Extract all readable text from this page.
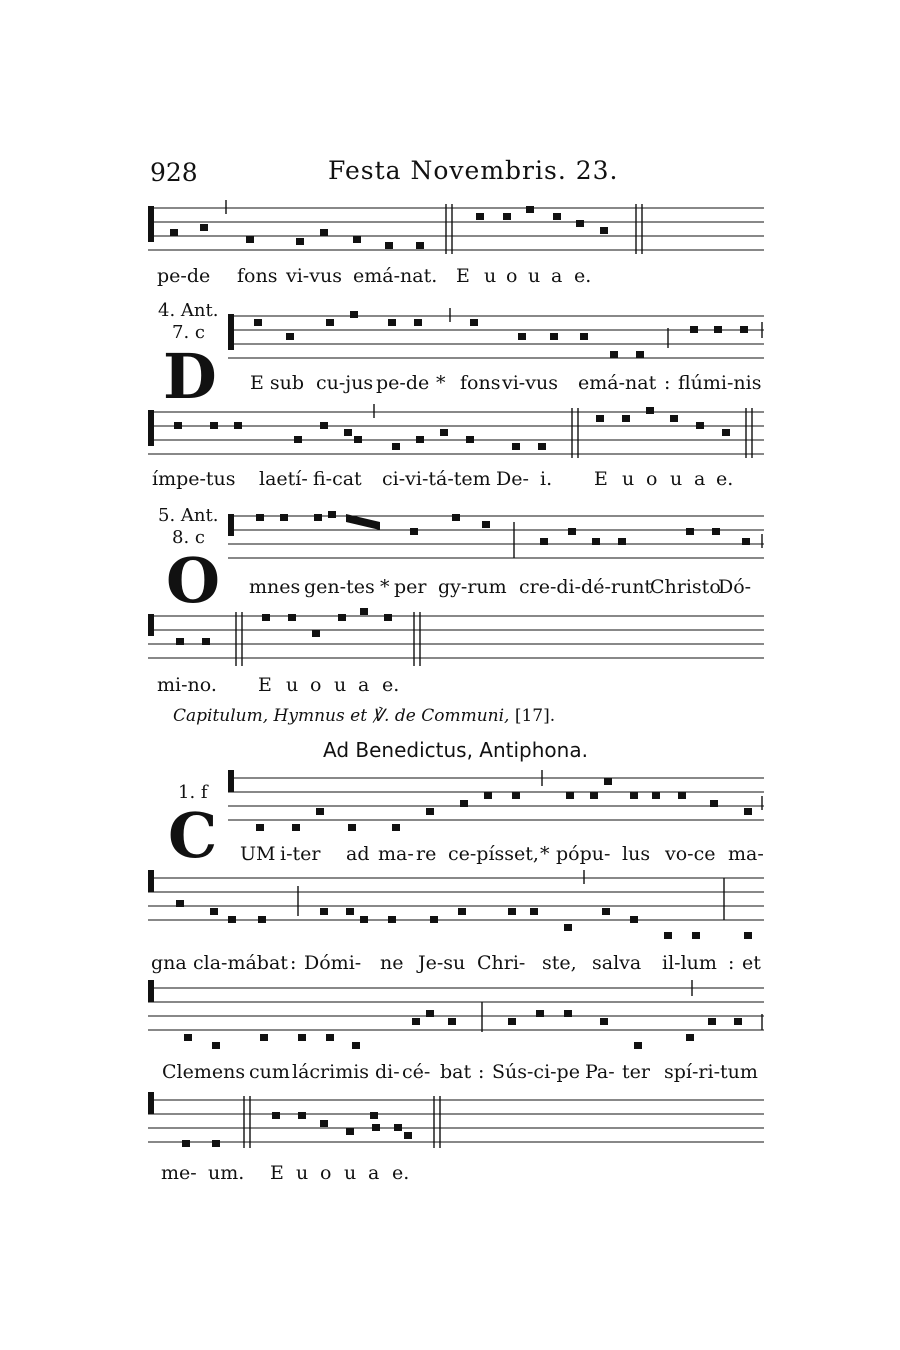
928	Festa Novembris. 23.
pe-de fons vi-vus emá-nat. E u o u a e.
4. Ant.
7. c
D E sub cu-jus pe-de * fons vi-vus emá-nat : flúmi-nis
ímpe-tus laetí- fi-cat ci-vi-tá-tem De- i. E u o u a e.
5. Ant.
8. c
O mnes gen-tes * per gy-rum cre-di-dé-runt
Christo
Dó-
mi-no. E u o u a e.
Capitulum, Hymnus et ℣. de Communi, [17].
Ad Benedictus, Antiphona.
1. f
C UM i-ter ad ma- re ce-písset, * pópu- lus vo-ce ma-
gna cla-mábat : Dómi- ne Je-su Chri- ste, salva il-lum : et
Clemens cum lácrimis di- cé- bat : Sús-ci-pe Pa- ter spí-ri-tum
me- um. E u o u a e.
